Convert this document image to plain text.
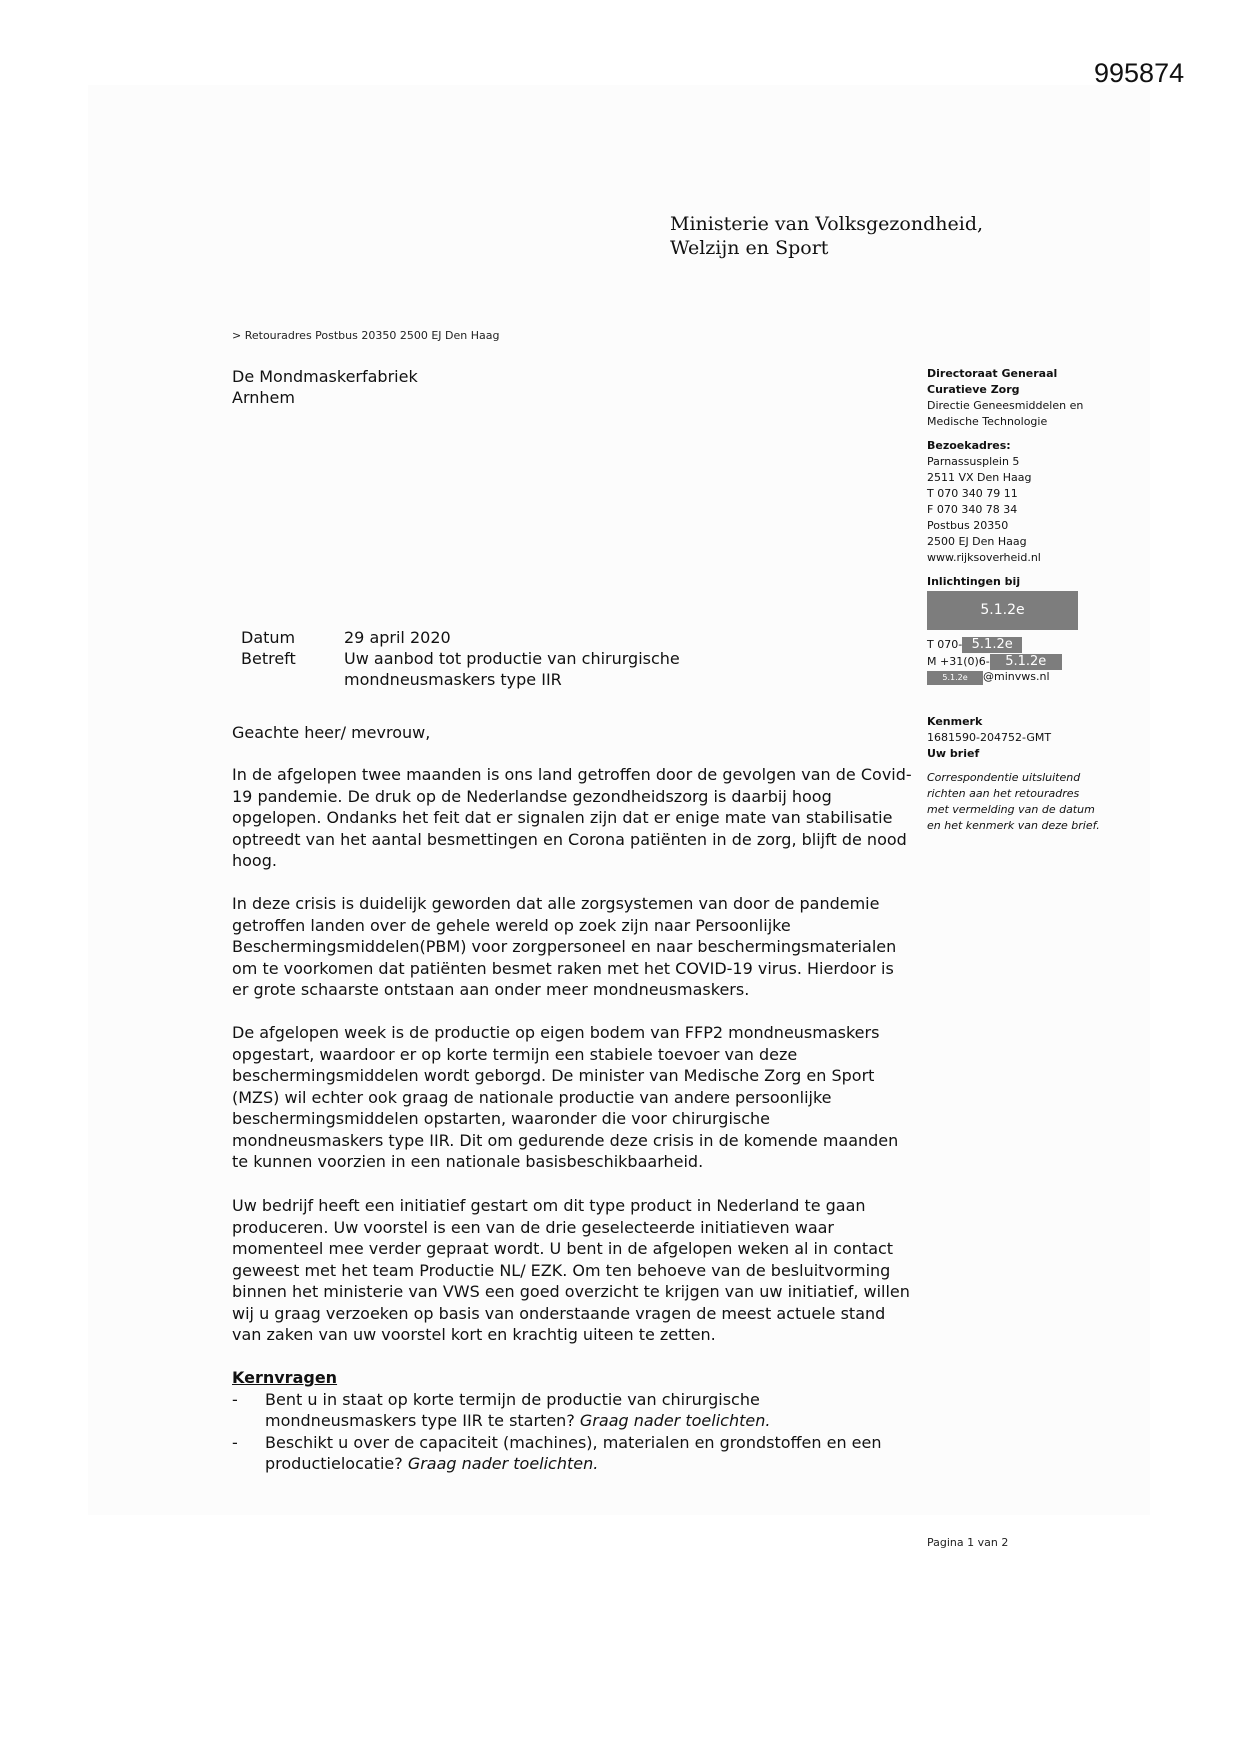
995874
Ministerie van Volksgezondheid,
Welzijn en Sport
> Retouradres Postbus 20350 2500 EJ Den Haag
De Mondmaskerfabriek
Arnhem
Directoraat Generaal
Curatieve Zorg
Directie Geneesmiddelen en
Medische Technologie
Bezoekadres:
Parnassusplein 5
2511 VX Den Haag
T 070 340 79 11
F 070 340 78 34
Postbus 20350
2500 EJ Den Haag
www.rijksoverheid.nl
Inlichtingen bij
5.1.2e
T 070- 5.1.2e
M +31(0)6- 5.1.2e
5.1.2e @minvws.nl
Kenmerk
1681590-204752-GMT
Uw brief
Correspondentie uitsluitend richten aan het retouradres met vermelding van de datum en het kenmerk van deze brief.
Datum	29 april 2020
Betreft	Uw aanbod tot productie van chirurgische
mondneusmaskers type IIR
Geachte heer/ mevrouw,

In de afgelopen twee maanden is ons land getroffen door de gevolgen van de Covid-19 pandemie. De druk op de Nederlandse gezondheidszorg is daarbij hoog opgelopen. Ondanks het feit dat er signalen zijn dat er enige mate van stabilisatie optreedt van het aantal besmettingen en Corona patiënten in de zorg, blijft de nood hoog.

In deze crisis is duidelijk geworden dat alle zorgsystemen van door de pandemie getroffen landen over de gehele wereld op zoek zijn naar Persoonlijke Beschermingsmiddelen(PBM) voor zorgpersoneel en naar beschermingsmaterialen om te voorkomen dat patiënten besmet raken met het COVID-19 virus. Hierdoor is er grote schaarste ontstaan aan onder meer mondneusmaskers.

De afgelopen week is de productie op eigen bodem van FFP2 mondneusmaskers opgestart, waardoor er op korte termijn een stabiele toevoer van deze beschermingsmiddelen wordt geborgd. De minister van Medische Zorg en Sport (MZS) wil echter ook graag de nationale productie van andere persoonlijke beschermingsmiddelen opstarten, waaronder die voor chirurgische mondneusmaskers type IIR. Dit om gedurende deze crisis in de komende maanden te kunnen voorzien in een nationale basisbeschikbaarheid.

Uw bedrijf heeft een initiatief gestart om dit type product in Nederland te gaan produceren. Uw voorstel is een van de drie geselecteerde initiatieven waar momenteel mee verder gepraat wordt. U bent in de afgelopen weken al in contact geweest met het team Productie NL/ EZK. Om ten behoeve van de besluitvorming binnen het ministerie van VWS een goed overzicht te krijgen van uw initiatief, willen wij u graag verzoeken op basis van onderstaande vragen de meest actuele stand van zaken van uw voorstel kort en krachtig uiteen te zetten.

Kernvragen
- Bent u in staat op korte termijn de productie van chirurgische mondneusmaskers type IIR te starten? Graag nader toelichten.
- Beschikt u over de capaciteit (machines), materialen en grondstoffen en een productielocatie? Graag nader toelichten.
Pagina 1 van 2
